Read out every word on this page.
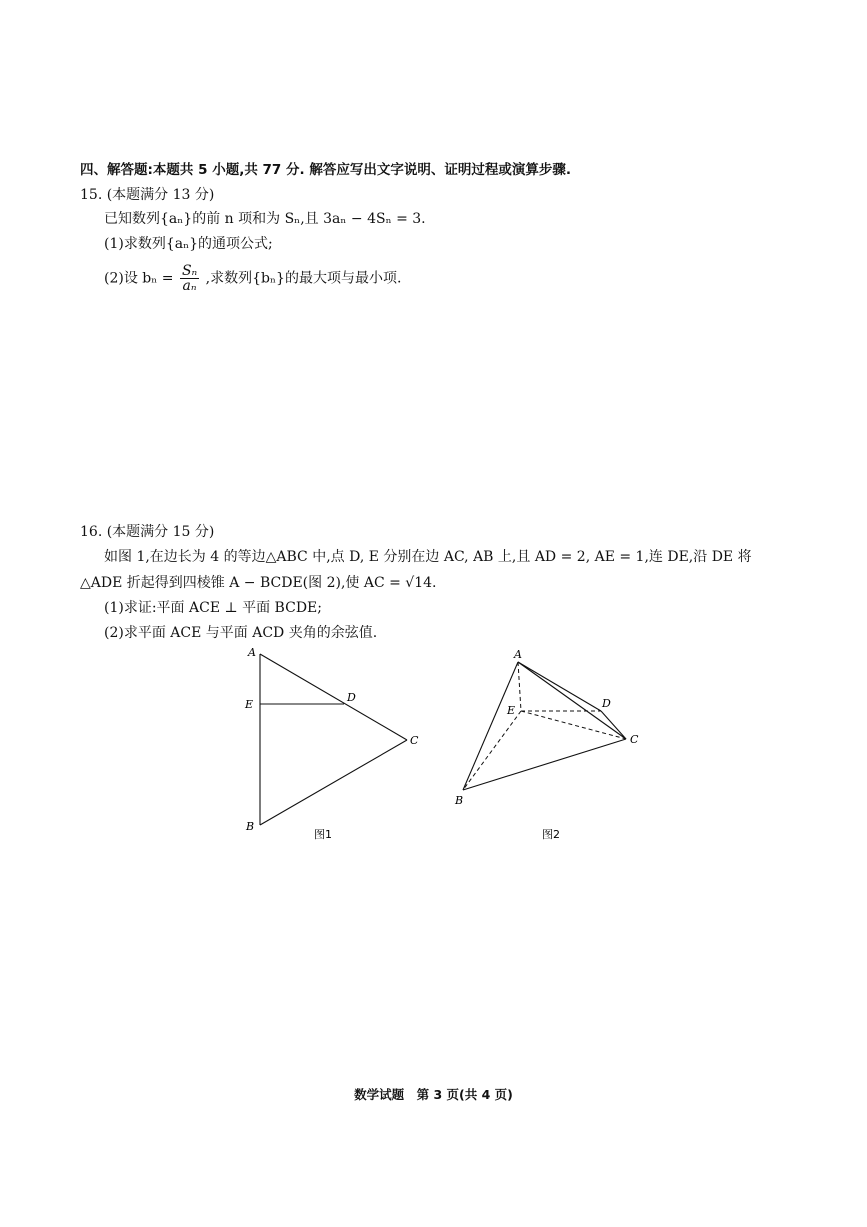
四、解答题:本题共 5 小题,共 77 分. 解答应写出文字说明、证明过程或演算步骤.
15. (本题满分 13 分)
已知数列{aₙ}的前 n 项和为 Sₙ,且 3aₙ − 4Sₙ = 3.
(1)求数列{aₙ}的通项公式;
(2)设 $b_n = \frac{\text{Sₙ}}{\text{aₙ}}$ ,求数列{bₙ}的最大项与最小项.
16. (本题满分 15 分)
如图 1,在边长为 4 的等边△ABC 中,点 D, E 分别在边 AC, AB 上,且 AD = 2, AE = 1,连 DE,沿 DE 将
△ADE 折起得到四棱锥 A − BCDE(图 2),使 AC = √14.
(1)求证:平面 ACE ⊥ 平面 BCDE;
(2)求平面 ACE 与平面 ACD 夹角的余弦值.
A
E
D
C
B
图1
A
E
D
C
B
图2
数学试题　第 3 页(共 4 页)
